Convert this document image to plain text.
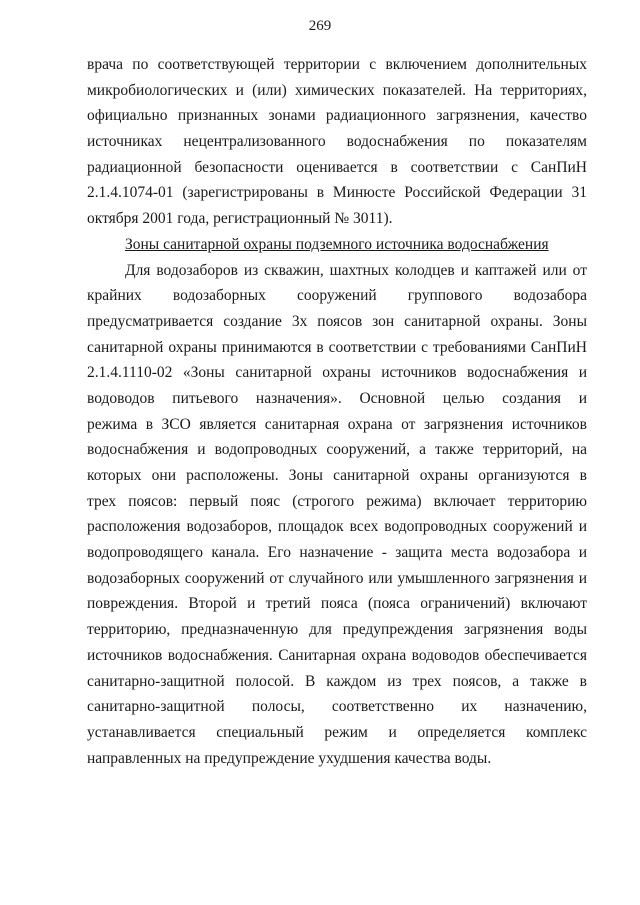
269
врача по соответствующей территории с включением дополнительных
микробиологических и (или) химических показателей. На территориях,
официально признанных зонами радиационного загрязнения, качество
источниках нецентрализованного водоснабжения по показателям
радиационной безопасности оценивается в соответствии с СанПиН
2.1.4.1074-01 (зарегистрированы в Минюсте Российской Федерации 31
октября 2001 года, регистрационный № 3011).
Зоны санитарной охраны подземного источника водоснабжения
Для водозаборов из скважин, шахтных колодцев и каптажей или от
крайних водозаборных сооружений группового водозабора
предусматривается создание 3х поясов зон санитарной охраны. Зоны
санитарной охраны принимаются в соответствии с требованиями СанПиН
2.1.4.1110-02 «Зоны санитарной охраны источников водоснабжения и
водоводов питьевого назначения». Основной целью создания и
режима в ЗСО является санитарная охрана от загрязнения источников
водоснабжения и водопроводных сооружений, а также территорий, на
которых они расположены. Зоны санитарной охраны организуются в
трех поясов: первый пояс (строгого режима) включает территорию
расположения водозаборов, площадок всех водопроводных сооружений и
водопроводящего канала. Его назначение - защита места водозабора и
водозаборных сооружений от случайного или умышленного загрязнения и
повреждения. Второй и третий пояса (пояса ограничений) включают
территорию, предназначенную для предупреждения загрязнения воды
источников водоснабжения. Санитарная охрана водоводов обеспечивается
санитарно-защитной полосой. В каждом из трех поясов, а также в
санитарно-защитной полосы, соответственно их назначению,
устанавливается специальный режим и определяется комплекс
направленных на предупреждение ухудшения качества воды.
